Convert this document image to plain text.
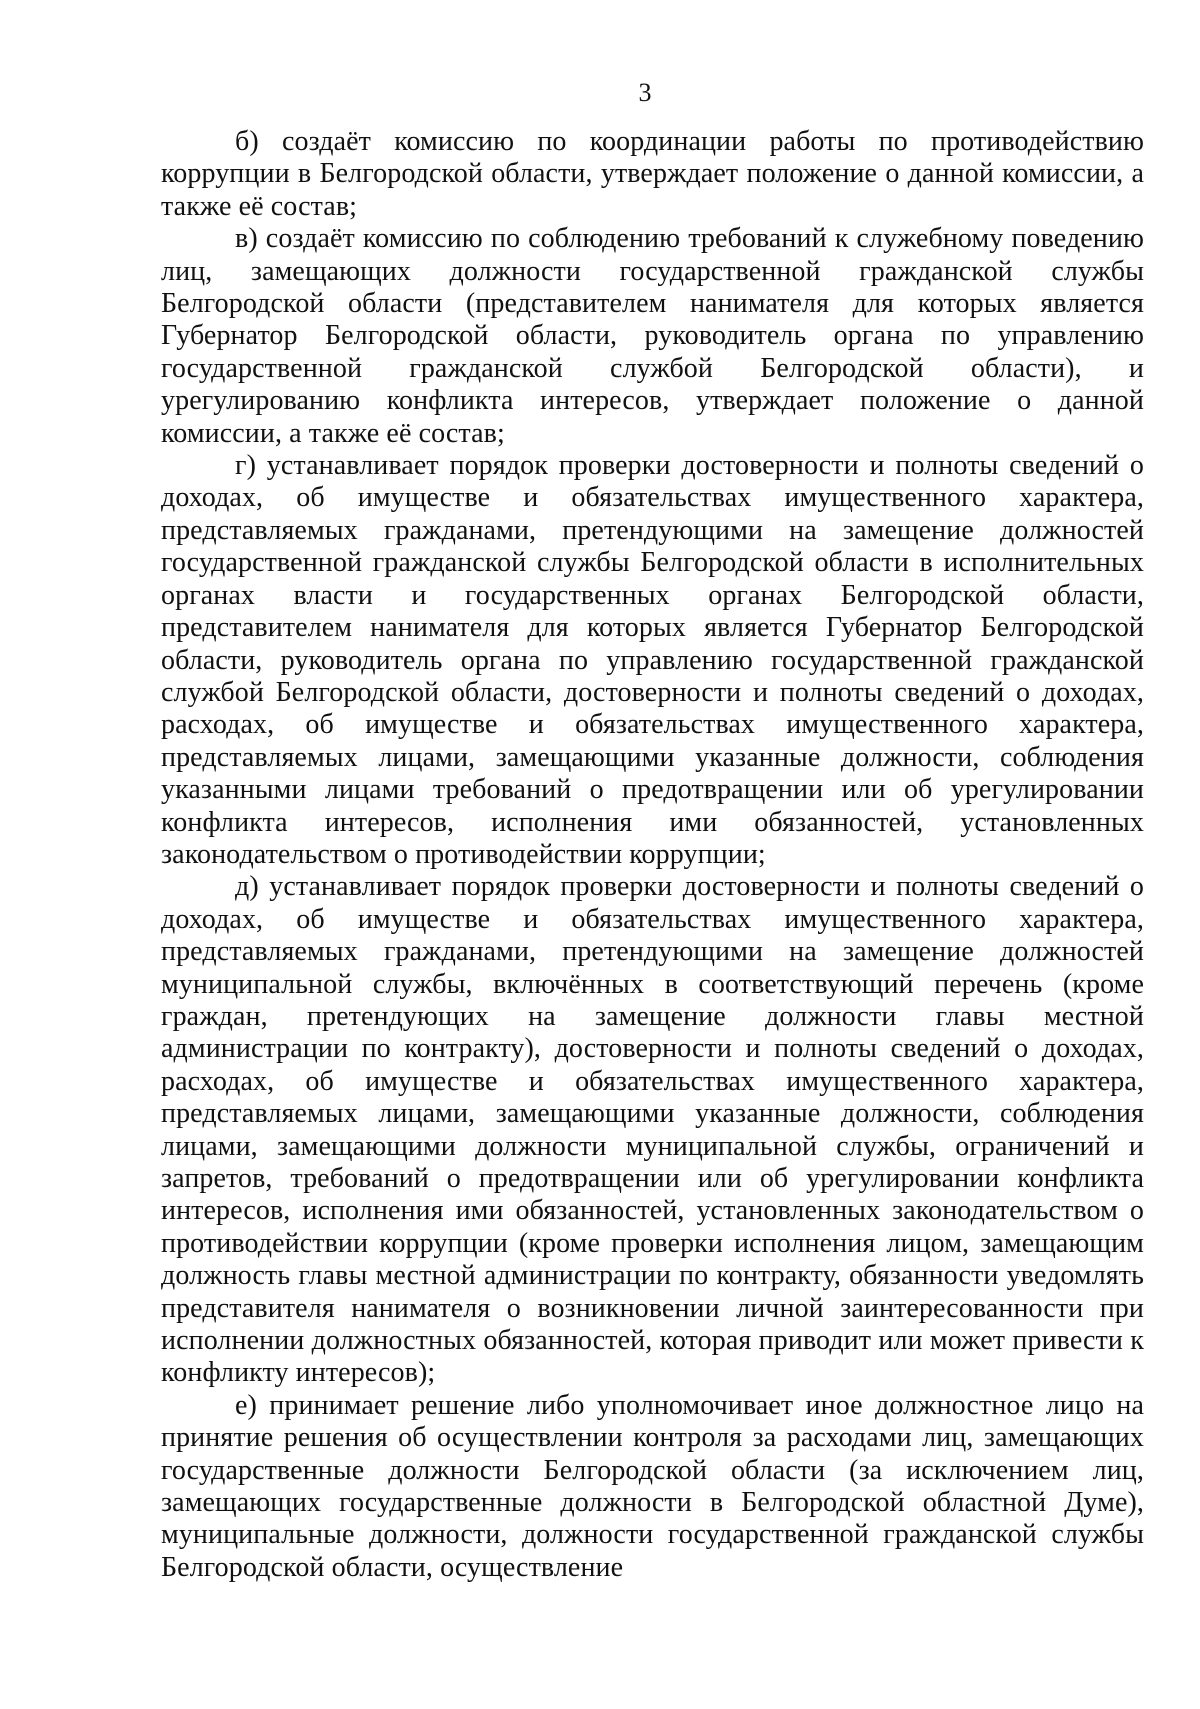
3

б) создаёт комиссию по координации работы по противодействию коррупции в Белгородской области, утверждает положение о данной комиссии, а также её состав;

в) создаёт комиссию по соблюдению требований к служебному поведению лиц, замещающих должности государственной гражданской службы Белгородской области (представителем нанимателя для которых является Губернатор Белгородской области, руководитель органа по управлению государственной гражданской службой Белгородской области), и урегулированию конфликта интересов, утверждает положение о данной комиссии, а также её состав;

г) устанавливает порядок проверки достоверности и полноты сведений о доходах, об имуществе и обязательствах имущественного характера, представляемых гражданами, претендующими на замещение должностей государственной гражданской службы Белгородской области в исполнительных органах власти и государственных органах Белгородской области, представителем нанимателя для которых является Губернатор Белгородской области, руководитель органа по управлению государственной гражданской службой Белгородской области, достоверности и полноты сведений о доходах, расходах, об имуществе и обязательствах имущественного характера, представляемых лицами, замещающими указанные должности, соблюдения указанными лицами требований о предотвращении или об урегулировании конфликта интересов, исполнения ими обязанностей, установленных законодательством о противодействии коррупции;

д) устанавливает порядок проверки достоверности и полноты сведений о доходах, об имуществе и обязательствах имущественного характера, представляемых гражданами, претендующими на замещение должностей муниципальной службы, включённых в соответствующий перечень (кроме граждан, претендующих на замещение должности главы местной администрации по контракту), достоверности и полноты сведений о доходах, расходах, об имуществе и обязательствах имущественного характера, представляемых лицами, замещающими указанные должности, соблюдения лицами, замещающими должности муниципальной службы, ограничений и запретов, требований о предотвращении или об урегулировании конфликта интересов, исполнения ими обязанностей, установленных законодательством о противодействии коррупции (кроме проверки исполнения лицом, замещающим должность главы местной администрации по контракту, обязанности уведомлять представителя нанимателя о возникновении личной заинтересованности при исполнении должностных обязанностей, которая приводит или может привести к конфликту интересов);

е) принимает решение либо уполномочивает иное должностное лицо на принятие решения об осуществлении контроля за расходами лиц, замещающих государственные должности Белгородской области (за исключением лиц, замещающих государственные должности в Белгородской областной Думе), муниципальные должности, должности государственной гражданской службы Белгородской области, осуществление
